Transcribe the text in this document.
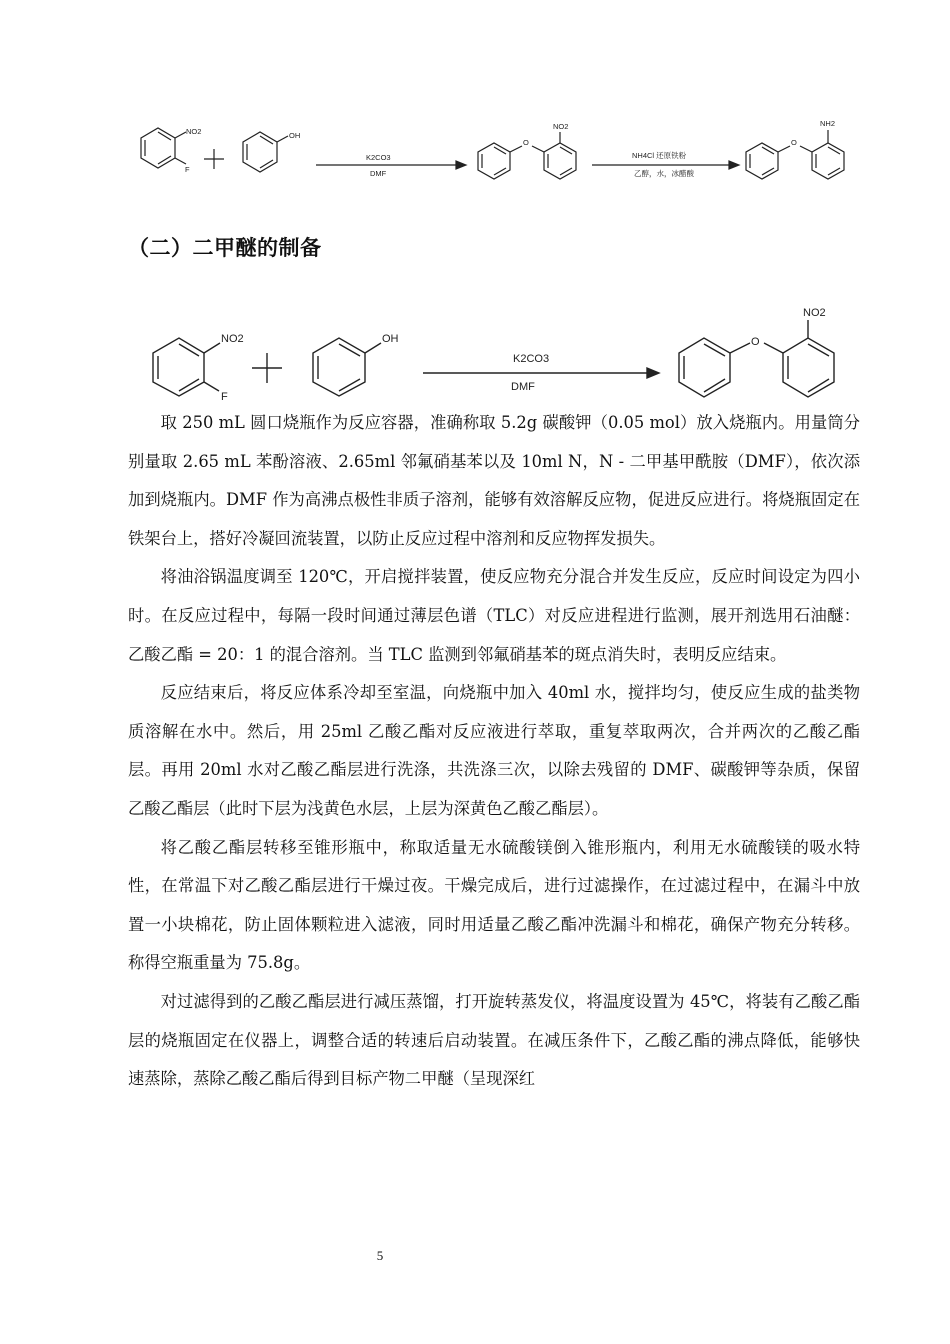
NO2
F
OH
K2CO3
DMF
O
NO2
NH4Cl 还原铁粉
乙醇，水，冰醋酸
O
NH2
（二）二甲醚的制备
NO2
F
OH
K2CO3
DMF
O
NO2

取 250 mL 圆口烧瓶作为反应容器，准确称取 5.2g 碳酸钾（0.05 mol）放入烧瓶内。用量筒分别量取 2.65 mL 苯酚溶液、2.65ml 邻氟硝基苯以及 10ml N，N - 二甲基甲酰胺（DMF），依次添加到烧瓶内。DMF 作为高沸点极性非质子溶剂，能够有效溶解反应物，促进反应进行。将烧瓶固定在铁架台上，搭好冷凝回流装置，以防止反应过程中溶剂和反应物挥发损失。

将油浴锅温度调至 120℃，开启搅拌装置，使反应物充分混合并发生反应，反应时间设定为四小时。在反应过程中，每隔一段时间通过薄层色谱（TLC）对反应进程进行监测，展开剂选用石油醚：乙酸乙酯 = 20：1 的混合溶剂。当 TLC 监测到邻氟硝基苯的斑点消失时，表明反应结束。

反应结束后，将反应体系冷却至室温，向烧瓶中加入 40ml 水，搅拌均匀，使反应生成的盐类物质溶解在水中。然后，用 25ml 乙酸乙酯对反应液进行萃取，重复萃取两次，合并两次的乙酸乙酯层。再用 20ml 水对乙酸乙酯层进行洗涤，共洗涤三次，以除去残留的 DMF、碳酸钾等杂质，保留乙酸乙酯层（此时下层为浅黄色水层，上层为深黄色乙酸乙酯层）。

将乙酸乙酯层转移至锥形瓶中，称取适量无水硫酸镁倒入锥形瓶内，利用无水硫酸镁的吸水特性，在常温下对乙酸乙酯层进行干燥过夜。干燥完成后，进行过滤操作，在过滤过程中，在漏斗中放置一小块棉花，防止固体颗粒进入滤液，同时用适量乙酸乙酯冲洗漏斗和棉花，确保产物充分转移。称得空瓶重量为 75.8g。

对过滤得到的乙酸乙酯层进行减压蒸馏，打开旋转蒸发仪，将温度设置为 45℃，将装有乙酸乙酯层的烧瓶固定在仪器上，调整合适的转速后启动装置。在减压条件下，乙酸乙酯的沸点降低，能够快速蒸除，蒸除乙酸乙酯后得到目标产物二甲醚（呈现深红

5
